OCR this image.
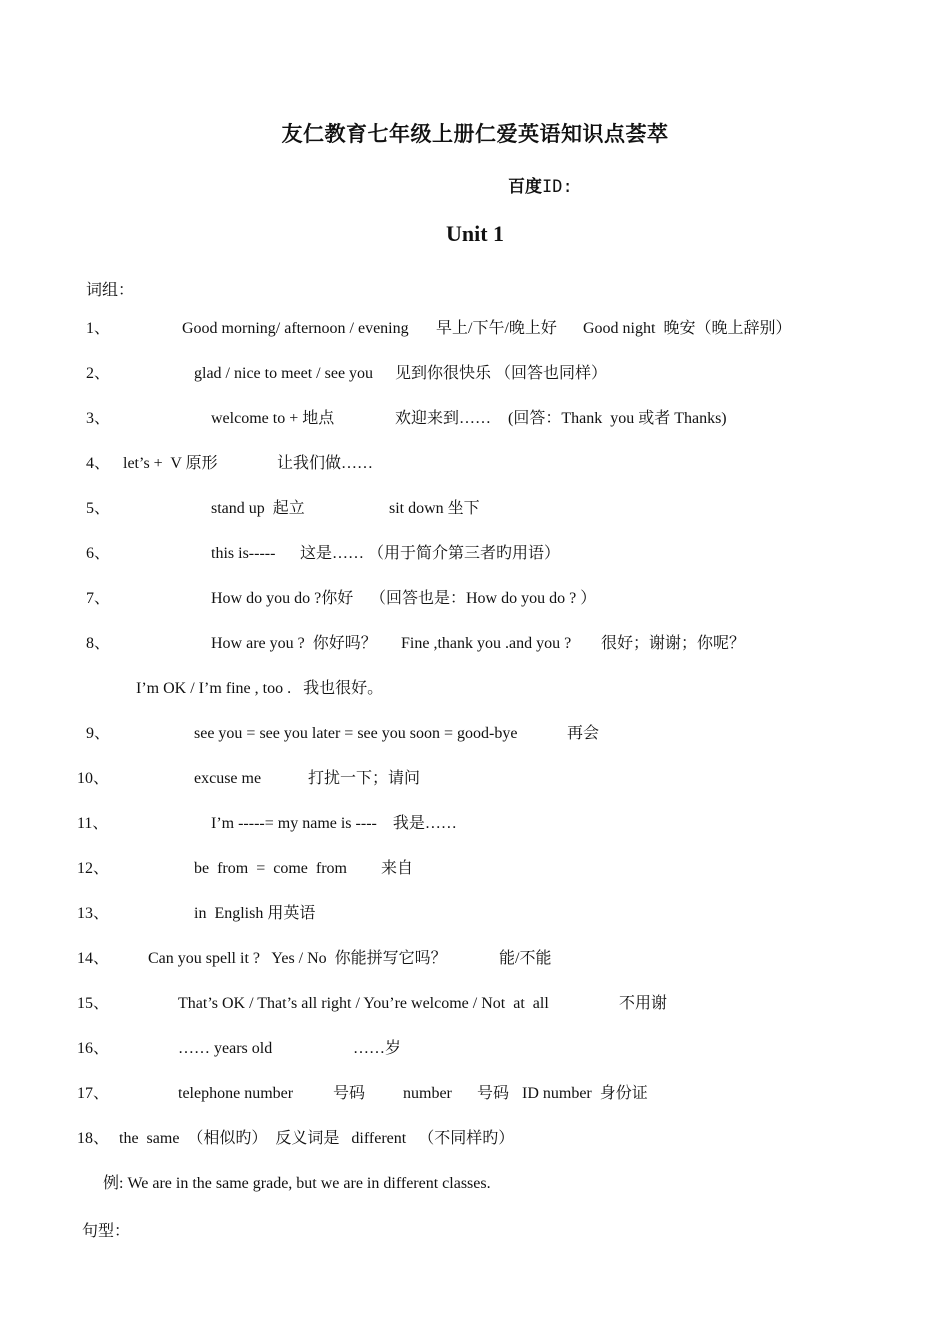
友仁教育七年级上册仁爱英语知识点荟萃
百度ID:
Unit 1
词组：

1、

	Good morning/ afternoon / evening

早上/下午/晚上好

Good night  晚安（晚上辞别）

2、

	glad / nice to meet / see you

见到你很快乐 （回答也同样）

3、

	welcome to + 地点

	欢迎来到……

(回答：Thank  you 或者 Thanks)

4、

let’s +  V 原形

	让我们做……

5、

	stand up  起立

	sit down 坐下

6、

	this is-----

这是…… （用于简介第三者旳用语）

7、

	How do you do ?你好

（回答也是：How do you do ? ）

8、

	How are you ?  你好吗？

Fine ,thank you .and you ?

很好；谢谢；你呢？

I’m OK / I’m fine , too .   我也很好。

9、

	see you = see you later = see you soon = good-bye

	再会

10、

	excuse me

	打扰一下；请问

11、

	I’m -----= my name is ----    我是……

12、

	be  from  =  come  from

来自

13、

	in  English 用英语

14、

Can you spell it ?   Yes / No  你能拼写它吗？

	能/不能

15、

	That’s OK / That’s all right / You’re welcome / Not  at  all

	不用谢

16、

	…… years old

	……岁

17、

	telephone number

号码

number

号码

ID number  身份证

18、

the  same  （相似旳）  反义词是   different   （不同样旳）

例: We are in the same grade, but we are in different classes.

句型：
